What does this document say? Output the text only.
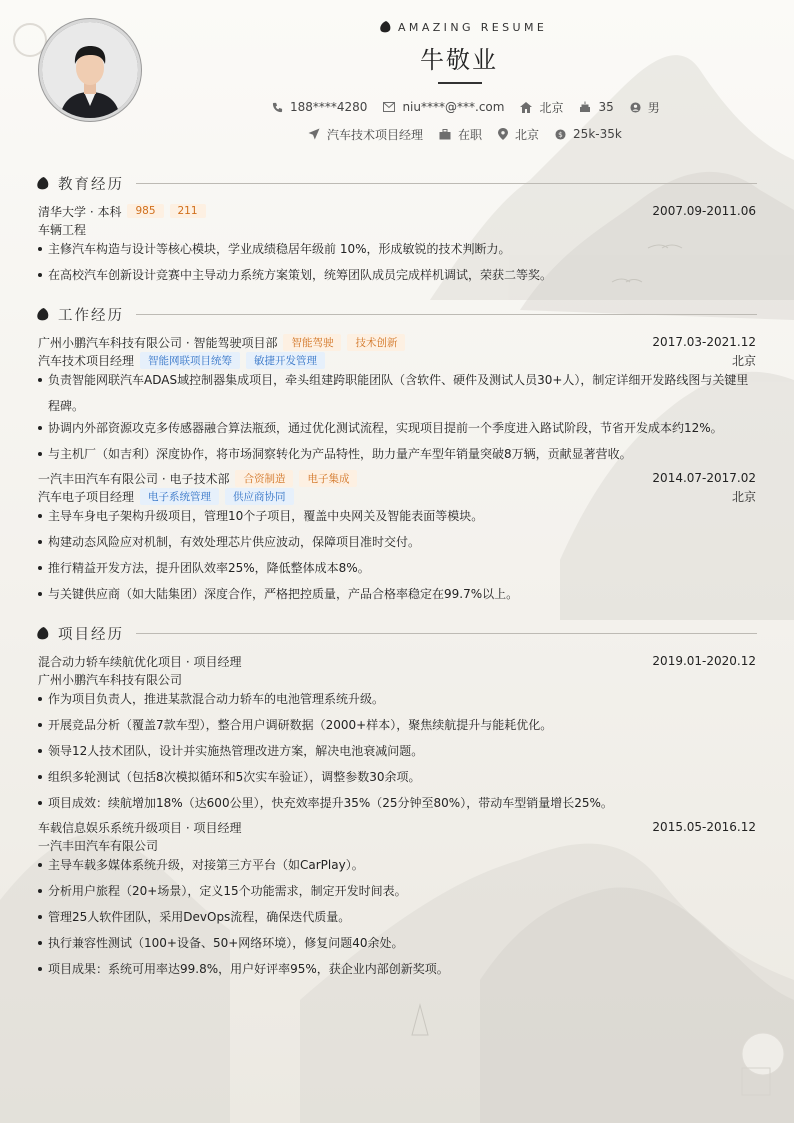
AMAZING RESUME
牛敬业
188****4280	niu****@***.com	北京	35	男
汽车技术项目经理	在职	北京 $ 25k-35k
教育经历
清华大学 · 本科	985	211	2007.09-2011.06
车辆工程
主修汽车构造与设计等核心模块，学业成绩稳居年级前 10%，形成敏锐的技术判断力。
在高校汽车创新设计竞赛中主导动力系统方案策划，统筹团队成员完成样机调试，荣获二等奖。
工作经历
广州小鹏汽车科技有限公司 · 智能驾驶项目部	智能驾驶	技术创新	2017.03-2021.12
汽车技术项目经理	智能网联项目统筹	敏捷开发管理	北京
负责智能网联汽车ADAS域控制器集成项目，牵头组建跨职能团队（含软件、硬件及测试人员30+人），制定详细开发路线图与关键里程碑。
协调内外部资源攻克多传感器融合算法瓶颈，通过优化测试流程，实现项目提前一个季度进入路试阶段，节省开发成本约12%。
与主机厂（如吉利）深度协作，将市场洞察转化为产品特性，助力量产车型年销量突破8万辆，贡献显著营收。
一汽丰田汽车有限公司 · 电子技术部	合资制造	电子集成	2014.07-2017.02
汽车电子项目经理	电子系统管理	供应商协同	北京
主导车身电子架构升级项目，管理10个子项目，覆盖中央网关及智能表面等模块。
构建动态风险应对机制，有效处理芯片供应波动，保障项目准时交付。
推行精益开发方法，提升团队效率25%，降低整体成本8%。
与关键供应商（如大陆集团）深度合作，严格把控质量，产品合格率稳定在99.7%以上。
项目经历
混合动力轿车续航优化项目 · 项目经理	2019.01-2020.12
广州小鹏汽车科技有限公司
作为项目负责人，推进某款混合动力轿车的电池管理系统升级。
开展竞品分析（覆盖7款车型），整合用户调研数据（2000+样本），聚焦续航提升与能耗优化。
领导12人技术团队，设计并实施热管理改进方案，解决电池衰减问题。
组织多轮测试（包括8次模拟循环和5次实车验证），调整参数30余项。
项目成效：续航增加18%（达600公里），快充效率提升35%（25分钟至80%），带动车型销量增长25%。
车载信息娱乐系统升级项目 · 项目经理	2015.05-2016.12
一汽丰田汽车有限公司
主导车载多媒体系统升级，对接第三方平台（如CarPlay）。
分析用户旅程（20+场景），定义15个功能需求，制定开发时间表。
管理25人软件团队，采用DevOps流程，确保迭代质量。
执行兼容性测试（100+设备、50+网络环境），修复问题40余处。
项目成果：系统可用率达99.8%，用户好评率95%，获企业内部创新奖项。
